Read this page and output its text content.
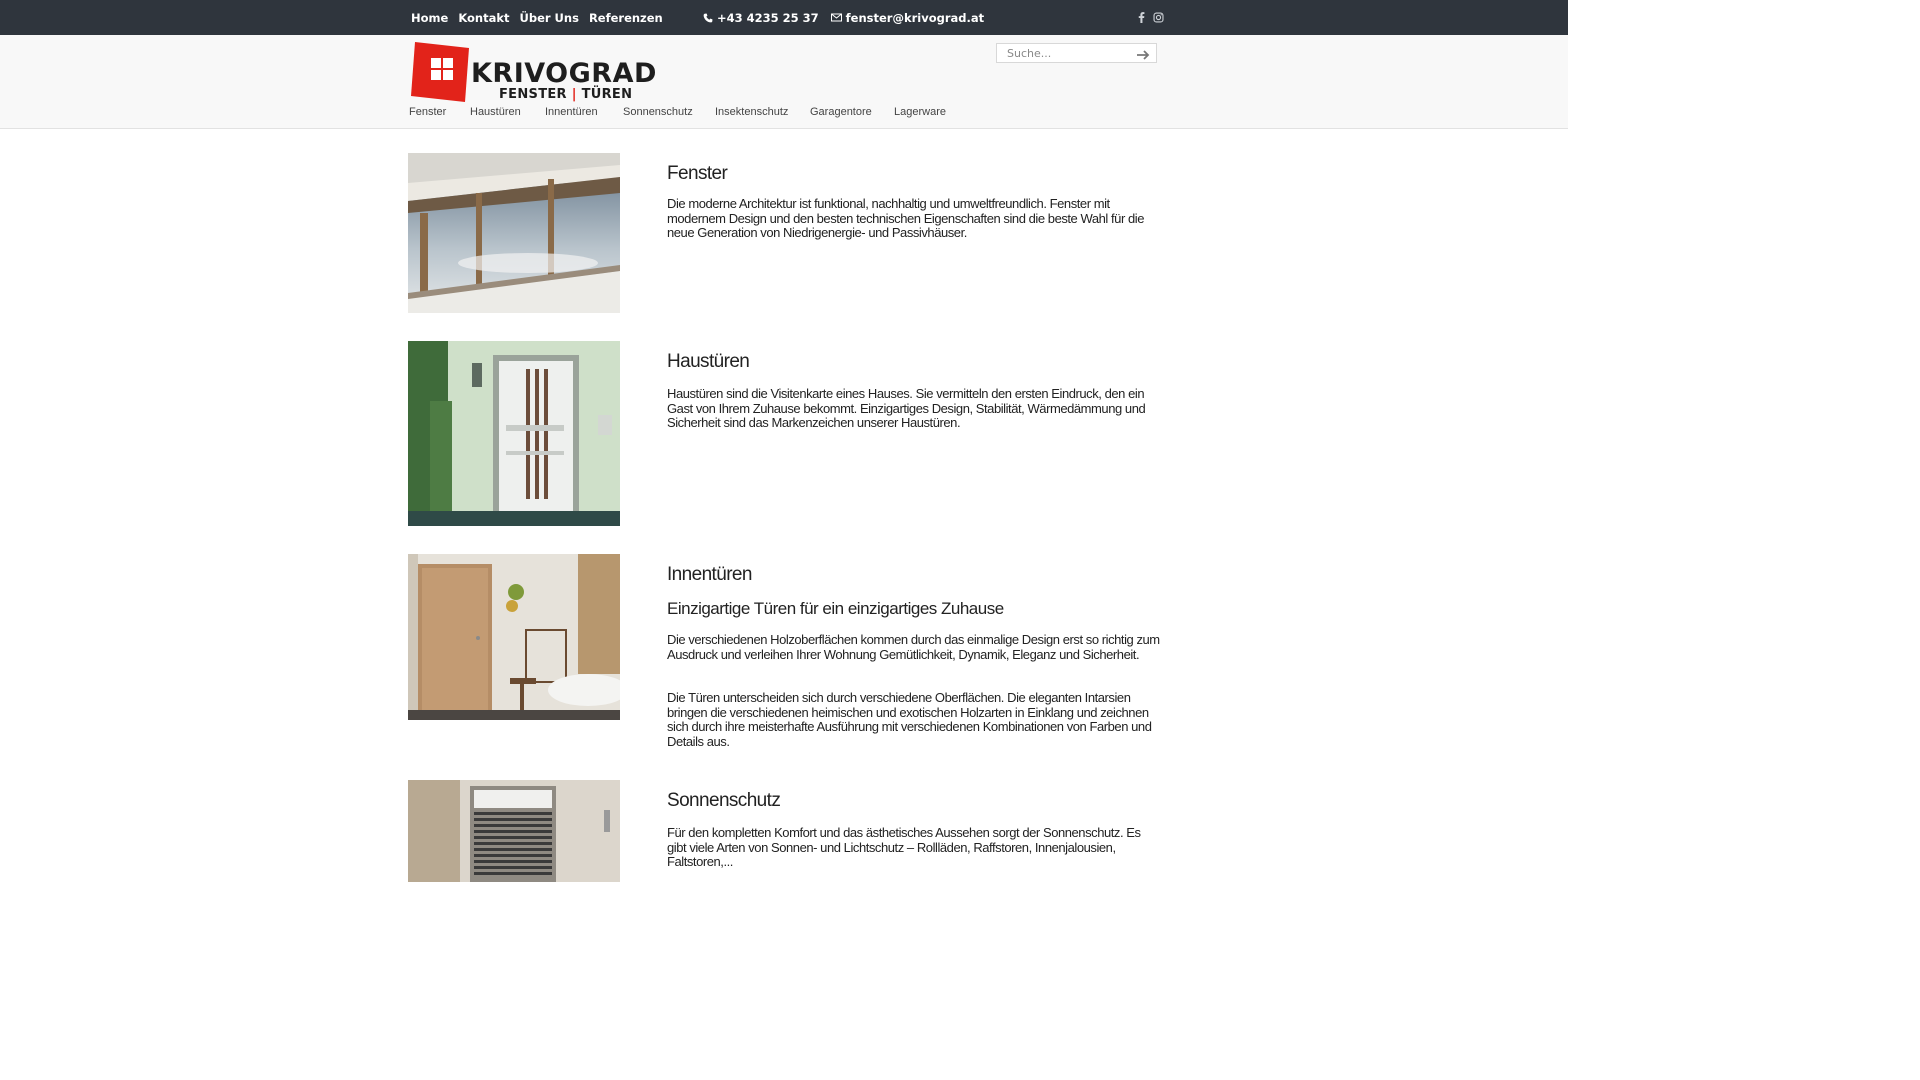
Home Kontakt Über Uns Referenzen	+43 4235 25 37 fenster@krivograd.at
KRIVOGRAD
FENSTER | TÜREN
Suche...
Fenster	Haustüren	Innentüren	Sonnenschutz	Insektenschutz	Garagentore	Lagerware
Fenster

Die moderne Architektur ist funktional, nachhaltig und umweltfreundlich. Fenster mit modernem Design und den besten technischen Eigenschaften sind die beste Wahl für die neue Generation von Niedrigenergie- und Passivhäuser.

Haustüren

Haustüren sind die Visitenkarte eines Hauses. Sie vermitteln den ersten Eindruck, den ein Gast von Ihrem Zuhause bekommt. Einzigartiges Design, Stabilität, Wärmedämmung und Sicherheit sind das Markenzeichen unserer Haustüren.

Innentüren
Einzigartige Türen für ein einzigartiges Zuhause

Die verschiedenen Holzoberflächen kommen durch das einmalige Design erst so richtig zum Ausdruck und verleihen Ihrer Wohnung Gemütlichkeit, Dynamik, Eleganz und Sicherheit.

Die Türen unterscheiden sich durch verschiedene Oberflächen. Die eleganten Intarsien bringen die verschiedenen heimischen und exotischen Holzarten in Einklang und zeichnen sich durch ihre meisterhafte Ausführung mit verschiedenen Kombinationen von Farben und Details aus.

Sonnenschutz

Für den kompletten Komfort und das ästhetisches Aussehen sorgt der Sonnenschutz. Es gibt viele Arten von Sonnen- und Lichtschutz – Rollläden, Raffstoren, Innenjalousien, Faltstoren,...
